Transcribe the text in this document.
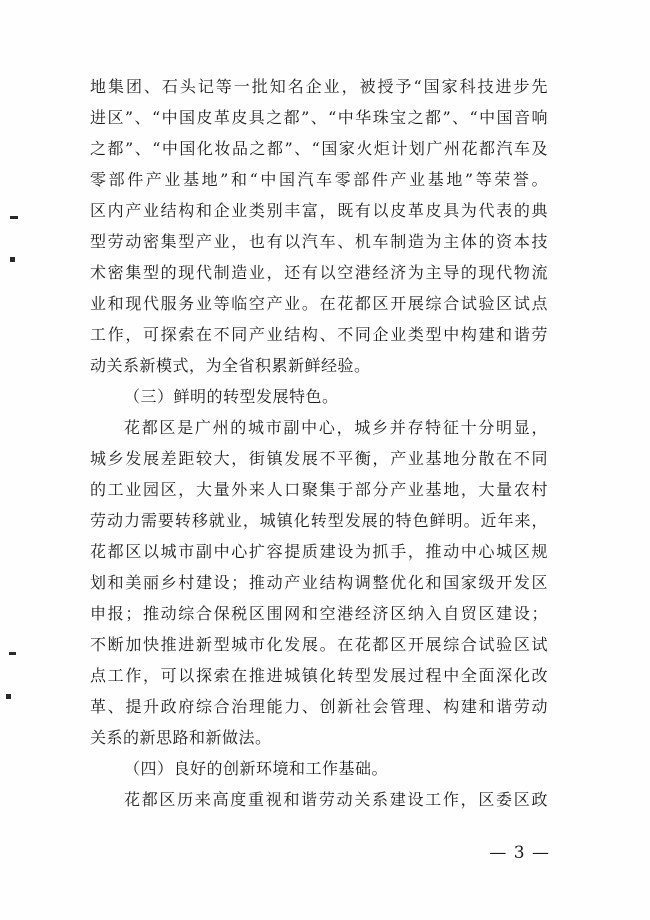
地集团、石头记等一批知名企业，被授予“国家科技进步先
进区”、“中国皮革皮具之都”、“中华珠宝之都”、“中国音响
之都”、“中国化妆品之都”、“国家火炬计划广州花都汽车及
零部件产业基地”和“中国汽车零部件产业基地”等荣誉。
区内产业结构和企业类别丰富，既有以皮革皮具为代表的典
型劳动密集型产业，也有以汽车、机车制造为主体的资本技
术密集型的现代制造业，还有以空港经济为主导的现代物流
业和现代服务业等临空产业。在花都区开展综合试验区试点
工作，可探索在不同产业结构、不同企业类型中构建和谐劳
动关系新模式，为全省积累新鲜经验。
（三）鲜明的转型发展特色。
花都区是广州的城市副中心，城乡并存特征十分明显，
城乡发展差距较大，街镇发展不平衡，产业基地分散在不同
的工业园区，大量外来人口聚集于部分产业基地，大量农村
劳动力需要转移就业，城镇化转型发展的特色鲜明。近年来，
花都区以城市副中心扩容提质建设为抓手，推动中心城区规
划和美丽乡村建设；推动产业结构调整优化和国家级开发区
申报；推动综合保税区围网和空港经济区纳入自贸区建设；
不断加快推进新型城市化发展。在花都区开展综合试验区试
点工作，可以探索在推进城镇化转型发展过程中全面深化改
革、提升政府综合治理能力、创新社会管理、构建和谐劳动
关系的新思路和新做法。
（四）良好的创新环境和工作基础。
花都区历来高度重视和谐劳动关系建设工作，区委区政
— 3 —
